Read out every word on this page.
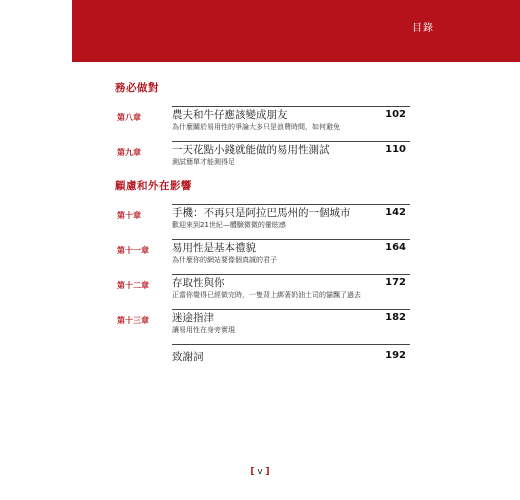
目錄
務必做對
第八章	農夫和牛仔應該變成朋友
為什麼關於易用性的爭論大多只是浪費時間，如何避免
102
第九章	一天花點小錢就能做的易用性測試
測試簡單才能測得足
110
顧慮和外在影響
第十章	手機：不再只是阿拉巴馬州的一個城市
歡迎來到21世紀—體驗微微的暈眩感
142
第十一章 易用性是基本禮貌
為什麼你的網站要像個真誠的君子
164
第十二章 存取性與你
正當你覺得已經做完時，一隻背上綁著奶油土司的貓飄了過去
172
第十三章 迷途指津
讓易用性在身旁實現
182
致謝詞	192
[ v ]
